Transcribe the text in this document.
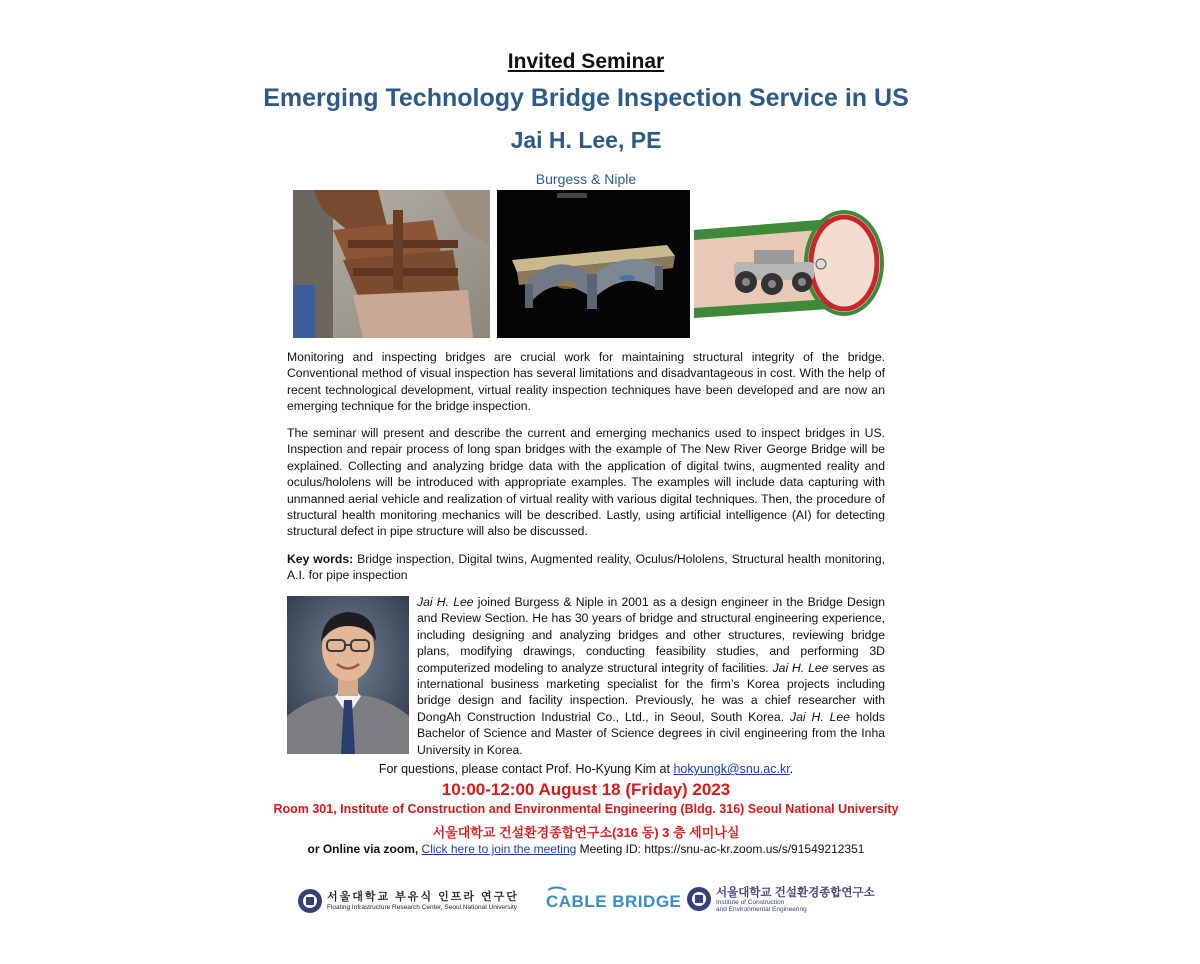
Invited Seminar
Emerging Technology Bridge Inspection Service in US
Jai H. Lee, PE
Burgess & Niple

Monitoring and inspecting bridges are crucial work for maintaining structural integrity of the bridge. Conventional method of visual inspection has several limitations and disadvantageous in cost. With the help of recent technological development, virtual reality inspection techniques have been developed and are now an emerging technique for the bridge inspection.

The seminar will present and describe the current and emerging mechanics used to inspect bridges in US. Inspection and repair process of long span bridges with the example of The New River George Bridge will be explained. Collecting and analyzing bridge data with the application of digital twins, augmented reality and oculus/hololens will be introduced with appropriate examples. The examples will include data capturing with unmanned aerial vehicle and realization of virtual reality with various digital techniques. Then, the procedure of structural health monitoring mechanics will be described. Lastly, using artificial intelligence (AI) for detecting structural defect in pipe structure will also be discussed.

Key words: Bridge inspection, Digital twins, Augmented reality, Oculus/Hololens, Structural health monitoring, A.I. for pipe inspection

Jai H. Lee joined Burgess & Niple in 2001 as a design engineer in the Bridge Design and Review Section. He has 30 years of bridge and structural engineering experience, including designing and analyzing bridges and other structures, reviewing bridge plans, modifying drawings, conducting feasibility studies, and performing 3D computerized modeling to analyze structural integrity of facilities. Jai H. Lee serves as international business marketing specialist for the firm’s Korea projects including bridge design and facility inspection. Previously, he was a chief researcher with DongAh Construction Industrial Co., Ltd., in Seoul, South Korea. Jai H. Lee holds Bachelor of Science and Master of Science degrees in civil engineering from the Inha University in Korea.

For questions, please contact Prof. Ho-Kyung Kim at hokyungk@snu.ac.kr.
10:00-12:00 August 18 (Friday) 2023
Room 301, Institute of Construction and Environmental Engineering (Bldg. 316) Seoul National University
서울대학교 건설환경종합연구소(316 동) 3 층 세미나실
or Online via zoom, Click here to join the meeting Meeting ID: https://snu-ac-kr.zoom.us/s/91549212351
서울대학교 부유식 인프라 연구단
Floating Infrastructure Research Center, Seoul National University CABLE BRIDGE	서울대학교 건설환경종합연구소
Institute of Construction
and Environmental Engineering
